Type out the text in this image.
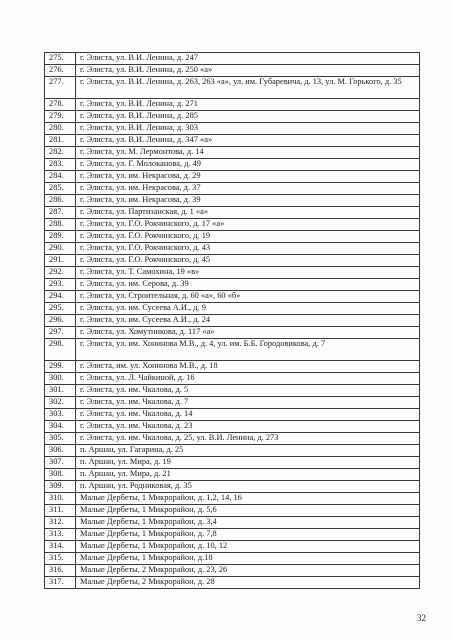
275.	г. Элиста, ул. В.И. Ленина, д. 247
276.	г. Элиста, ул. В.И. Ленина, д. 250 «а»
277.	г. Элиста, ул. В.И. Ленина, д. 263, 263 «а», ул. им. Губаревича, д. 13, ул. М. Горького, д. 35
278.	г. Элиста, ул. В.И. Ленина, д. 271
279.	г. Элиста, ул. В.И. Ленина, д. 285
280.	г. Элиста, ул. В.И. Ленина, д. 303
281.	г. Элиста, ул. В.И. Ленина, д. 347 «а»
282.	г. Элиста, ул. М. Лермонтова, д. 14
283.	г. Элиста, ул. Г. Молоканова, д. 49
284.	г. Элиста, ул. им. Некрасова, д. 29
285.	г. Элиста, ул. им. Некрасова, д. 37
286.	г. Элиста, ул. им. Некрасова, д. 39
287.	г. Элиста, ул. Партизанская, д. 1 «а»
288.	г. Элиста, ул. Г.О. Рокчинского, д. 17 «а»
289.	г. Элиста, ул. Г.О. Рокчинского, д. 19
290.	г. Элиста, ул. Г.О. Рокчинского, д. 43
291.	г. Элиста, ул. Г.О. Рокчинского, д. 45
292.	г. Элиста, ул. Т. Самохина, 19 «в»
293.	г. Элиста, ул. им. Серова, д. 39
294.	г. Элиста, ул. Строительная, д. 60 «а», 60 «б»
295.	г. Элиста, ул. им. Сусеева А.И., д. 9
296.	г. Элиста, ул. им. Сусеева А.И., д. 24
297.	г. Элиста, ул. Хомутникова, д. 117 «а»
298.	г. Элиста, ул. им. Хонинова М.В., д. 4, ул. им. Б.Б. Городовикова, д. 7
299.	г. Элиста, им. ул. Хонинова М.В., д. 18
300.	г. Элиста, ул. Л. Чайкиной, д. 16
301.	г. Элиста, ул. им. Чкалова, д. 5
302.	г. Элиста, ул. им. Чкалова, д. 7
303.	г. Элиста, ул. им. Чкалова, д. 14
304.	г. Элиста, ул. им. Чкалова, д. 23
305.	г. Элиста, ул. им. Чкалова, д. 25, ул. В.И. Ленина, д. 273
306.	п. Аршан, ул. Гагарина, д. 25
307.	п. Аршан, ул. Мира, д. 19
308.	п. Аршан, ул. Мира, д. 21
309.	п. Аршан, ул. Родниковая, д. 35
310.	Малые Дербеты, 1 Микрорайон, д. 1,2, 14, 16
311.	Малые Дербеты, 1 Микрорайон, д. 5,6
312.	Малые Дербеты, 1 Микрорайон, д. 3,4
313.	Малые Дербеты, 1 Микрорайон, д. 7,8
314.	Малые Дербеты, 1 Микрорайон, д. 10, 12
315.	Малые Дербеты, 1 Микрорайон, д.18
316.	Малые Дербеты, 2 Микрорайон, д. 23, 26
317.	Малые Дербеты, 2 Микрорайон, д. 28
32
